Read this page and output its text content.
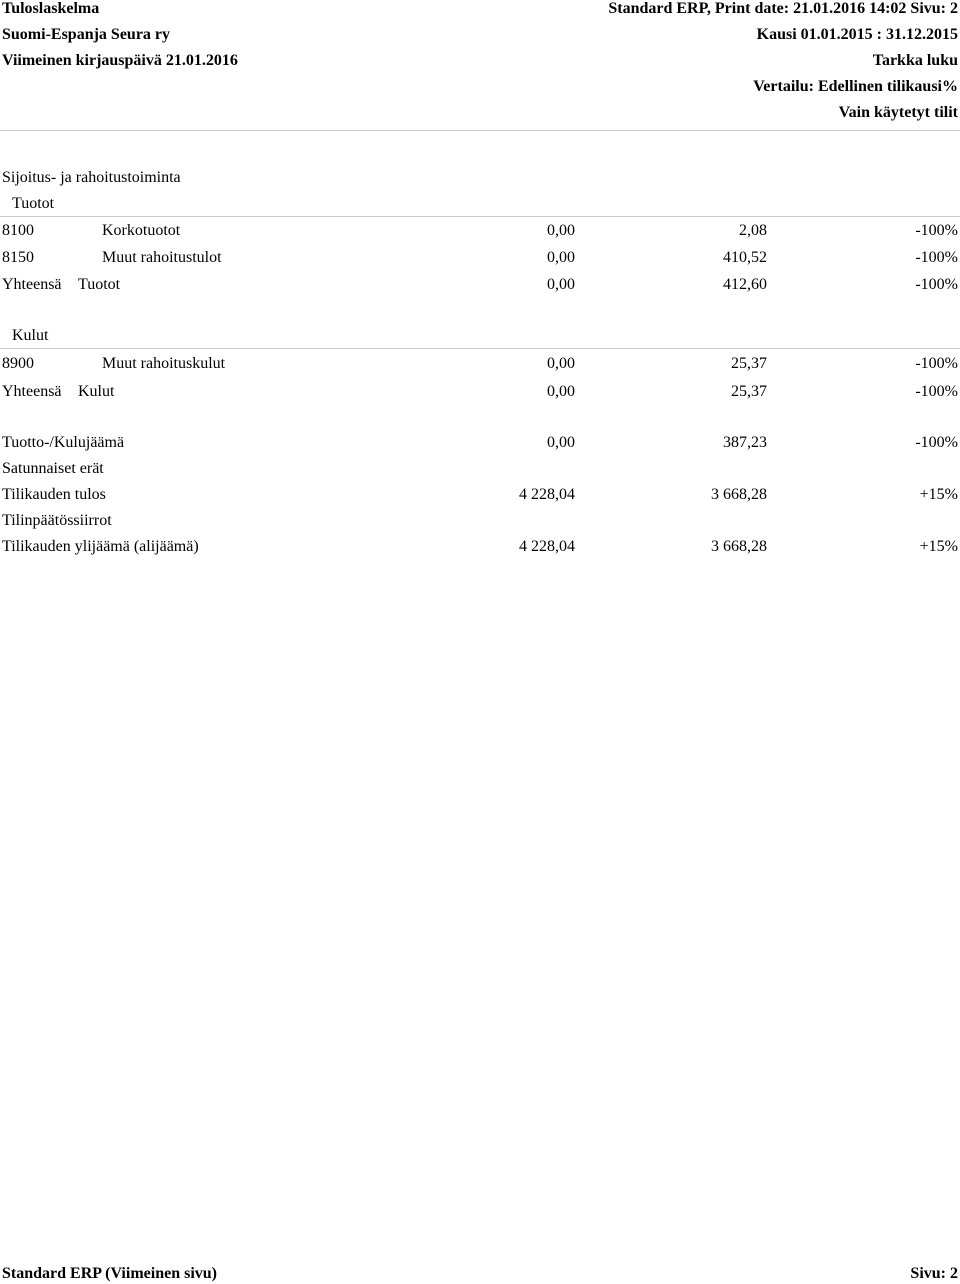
Tuloslaskelma
Suomi-Espanja Seura ry
Viimeinen kirjauspäivä 21.01.2016
Standard ERP, Print date: 21.01.2016 14:02 Sivu: 2
Kausi 01.01.2015 : 31.12.2015
Tarkka luku
Vertailu: Edellinen tilikausi%
Vain käytetyt tilit
Sijoitus- ja rahoitustoiminta
Tuotot
8100	Korkotuotot	0,00	2,08	-100%
8150	Muut rahoitustulot	0,00	410,52	-100%
Yhteensä Tuotot	0,00	412,60	-100%
Kulut
8900	Muut rahoituskulut	0,00	25,37	-100%
Yhteensä Kulut	0,00	25,37	-100%
Tuotto-/Kulujäämä	0,00	387,23	-100%
Satunnaiset erät
Tilikauden tulos	4 228,04	3 668,28	+15%
Tilinpäätössiirrot
Tilikauden ylijäämä (alijäämä)	4 228,04	3 668,28	+15%
Standard ERP (Viimeinen sivu)	Sivu: 2
